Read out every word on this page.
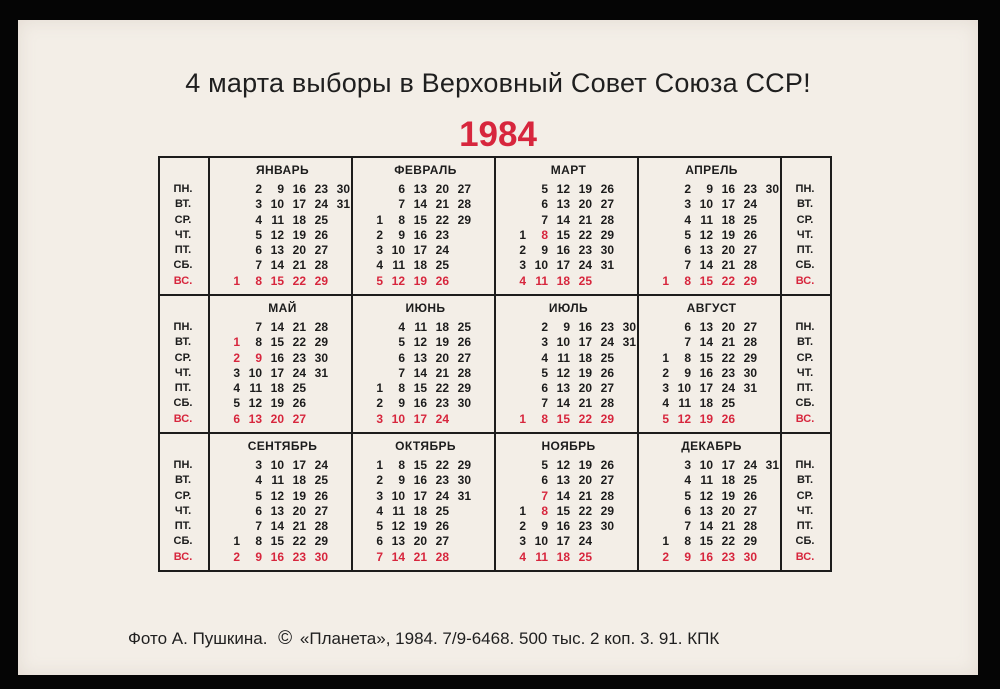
4 марта выборы в Верховный Совет Союза ССР!
1984
ПН.
ВТ.
СР.
ЧТ.
ПТ.
СБ.
ВС.
ПН.
ВТ.
СР.
ЧТ.
ПТ.
СБ.
ВС.
ПН.
ВТ.
СР.
ЧТ.
ПТ.
СБ.
ВС.
ПН.
ВТ.
СР.
ЧТ.
ПТ.
СБ.
ВС.
ПН.
ВТ.
СР.
ЧТ.
ПТ.
СБ.
ВС.
ПН.
ВТ.
СР.
ЧТ.
ПТ.
СБ.
ВС.
ЯНВАРЬ
2 9 16 23 30
3 10 17 24 31
4 11 18 25
5 12 19 26
6 13 20 27
7 14 21 28
1 8 15 22 29
ФЕВРАЛЬ
6 13 20 27
7 14 21 28
1 8 15 22 29
2 9 16 23
3 10 17 24
4 11 18 25
5 12 19 26
МАРТ
5 12 19 26
6 13 20 27
7 14 21 28
1 8 15 22 29
2 9 16 23 30
3 10 17 24 31
4 11 18 25
АПРЕЛЬ
2 9 16 23 30
3 10 17 24
4 11 18 25
5 12 19 26
6 13 20 27
7 14 21 28
1 8 15 22 29
МАЙ
7 14 21 28
1 8 15 22 29
2 9 16 23 30
3 10 17 24 31
4 11 18 25
5 12 19 26
6 13 20 27
ИЮНЬ
4 11 18 25
5 12 19 26
6 13 20 27
7 14 21 28
1 8 15 22 29
2 9 16 23 30
3 10 17 24
ИЮЛЬ
2 9 16 23 30
3 10 17 24 31
4 11 18 25
5 12 19 26
6 13 20 27
7 14 21 28
1 8 15 22 29
АВГУСТ
6 13 20 27
7 14 21 28
1 8 15 22 29
2 9 16 23 30
3 10 17 24 31
4 11 18 25
5 12 19 26
СЕНТЯБРЬ
3 10 17 24
4 11 18 25
5 12 19 26
6 13 20 27
7 14 21 28
1 8 15 22 29
2 9 16 23 30
ОКТЯБРЬ
1 8 15 22 29
2 9 16 23 30
3 10 17 24 31
4 11 18 25
5 12 19 26
6 13 20 27
7 14 21 28
НОЯБРЬ
5 12 19 26
6 13 20 27
7 14 21 28
1 8 15 22 29
2 9 16 23 30
3 10 17 24
4 11 18 25
ДЕКАБРЬ
3 10 17 24 31
4 11 18 25
5 12 19 26
6 13 20 27
7 14 21 28
1 8 15 22 29
2 9 16 23 30
Фото А. Пушкина. © «Планета», 1984. 7/9-6468. 500 тыс. 2 коп. 3. 91. КПК
